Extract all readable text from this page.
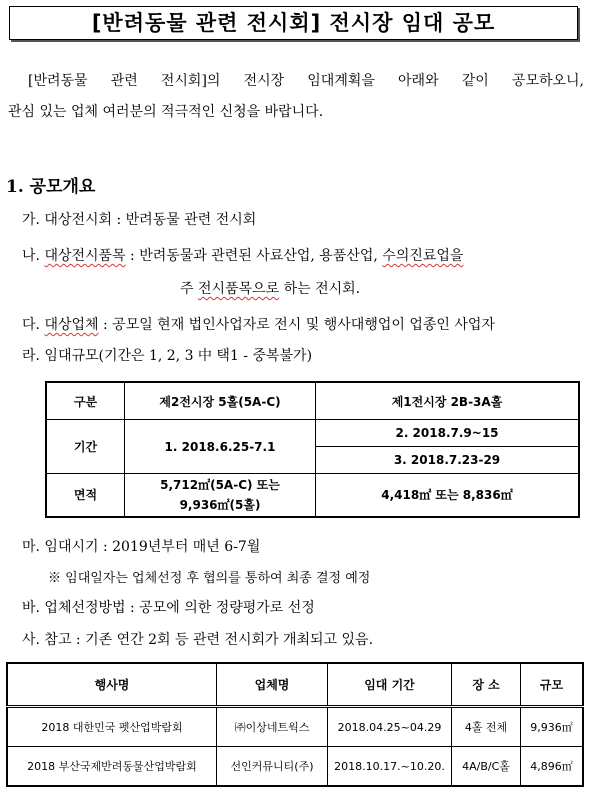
[반려동물 관련 전시회] 전시장 임대 공모

[반려동물 관련 전시회]의 전시장 임대계획을 아래와 같이 공모하오니,

관심 있는 업체 여러분의 적극적인 신청을 바랍니다.

1. 공모개요
가. 대상전시회 : 반려동물 관련 전시회
나. 대상전시품목 : 반려동물과 관련된 사료산업, 용품산업, 수의진료업을
주 전시품목으로 하는 전시회.
다. 대상업체 : 공모일 현재 법인사업자로 전시 및 행사대행업이 업종인 사업자
라. 임대규모(기간은 1, 2, 3 中 택1 - 중복불가)
구분	제2전시장 5홀(5A-C)	제1전시장 2B-3A홀
기간	1. 2018.6.25-7.1	2. 2018.7.9~15
		3. 2018.7.23-29
면적	5,712㎡(5A-C) 또는
9,936㎡(5홀)	4,418㎡ 또는 8,836㎡
마. 임대시기 : 2019년부터 매년 6-7월
※ 임대일자는 업체선정 후 협의를 통하여 최종 결정 예정
바. 업체선정방법 : 공모에 의한 정량평가로 선정
사. 참고 : 기존 연간 2회 등 관련 전시회가 개최되고 있음.
행사명	업체명	임대 기간	장 소	규모
2018 대한민국 펫산업박람회	㈜이상네트웍스	2018.04.25~04.29	4홀 전체	9,936㎡
2018 부산국제반려동물산업박람회	선인커뮤니티(주)	2018.10.17.~10.20.	4A/B/C홀	4,896㎡
